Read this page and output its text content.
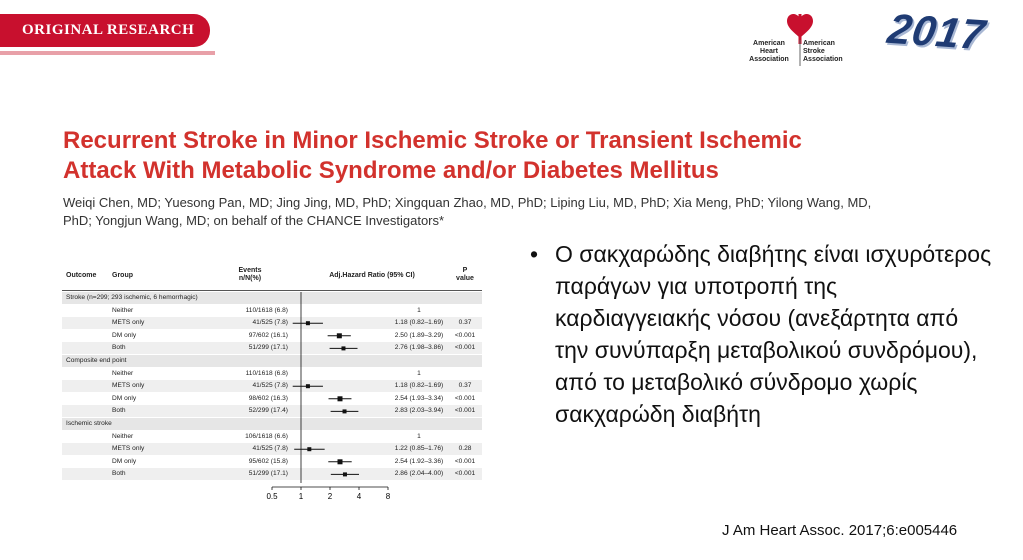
ORIGINAL RESEARCH
American
Heart
Association
American
Stroke
Association
2017
Recurrent Stroke in Minor Ischemic Stroke or Transient Ischemic
Attack With Metabolic Syndrome and/or Diabetes Mellitus
Weiqi Chen, MD; Yuesong Pan, MD; Jing Jing, MD, PhD; Xingquan Zhao, MD, PhD; Liping Liu, MD, PhD; Xia Meng, PhD; Yilong Wang, MD, PhD; Yongjun Wang, MD; on behalf of the CHANCE Investigators*
Outcome Group
Events
n/N(%)	Adj.Hazard Ratio (95% CI)
P
value
Stroke (n=299; 293 ischemic, 6 hemorrhagic)
Neither	110/1618 (6.8)	1
METS only	41/525 (7.8)	1.18 (0.82–1.69)	0.37
DM only	97/602 (16.1)	2.50 (1.89–3.29)	<0.001
Both	51/299 (17.1)	2.76 (1.98–3.86)	<0.001
Composite end point
Neither	110/1618 (6.8)	1
METS only	41/525 (7.8)	1.18 (0.82–1.69)	0.37
DM only	98/602 (16.3)	2.54 (1.93–3.34)	<0.001
Both	52/299 (17.4)	2.83 (2.03–3.94)	<0.001
Ischemic stroke
Neither	106/1618 (6.6)	1
METS only	41/525 (7.8)	1.22 (0.85–1.76)	0.28
DM only	95/602 (15.8)	2.54 (1.92–3.36)	<0.001
Both	51/299 (17.1)	2.86 (2.04–4.00)	<0.001
0.5	1	2	4	8
• Ο σακχαρώδης διαβήτης είναι ισχυρότερος παράγων για υποτροπή της καρδιαγγειακής νόσου (ανεξάρτητα από την συνύπαρξη μεταβολικού συνδρόμου), από το μεταβολικό σύνδρομο χωρίς σακχαρώδη διαβήτη
J Am Heart Assoc. 2017;6:e005446
